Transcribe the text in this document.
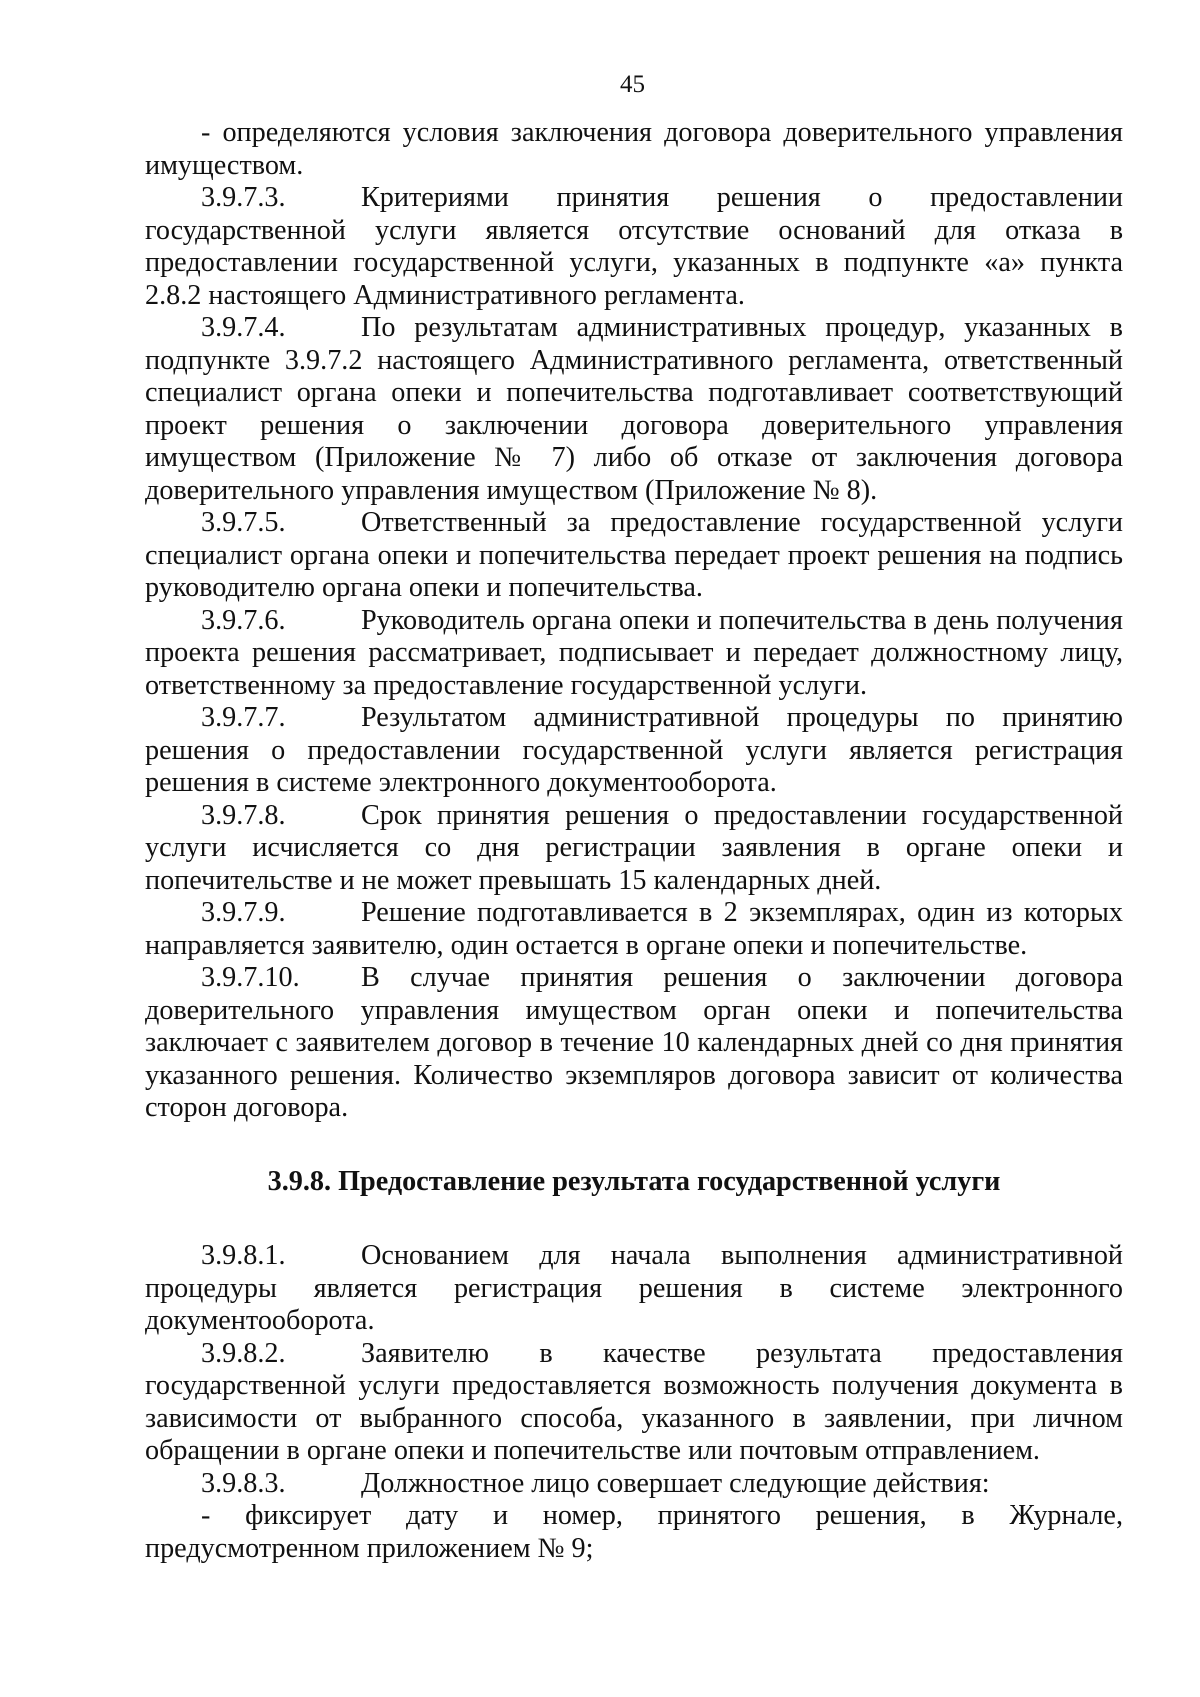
45

- определяются условия заключения договора доверительного управления имуществом.

3.9.7.3.	Критериями принятия решения о предоставлении государственной услуги является отсутствие оснований для отказа в предоставлении государственной услуги, указанных в подпункте «а» пункта 2.8.2 настоящего Административного регламента.

3.9.7.4.	По результатам административных процедур, указанных в подпункте 3.9.7.2 настоящего Административного регламента, ответственный специалист органа опеки и попечительства подготавливает соответствующий проект решения о заключении договора доверительного управления имуществом (Приложение № 7) либо об отказе от заключения договора доверительного управления имуществом (Приложение № 8).

3.9.7.5.	Ответственный за предоставление государственной услуги специалист органа опеки и попечительства передает проект решения на подпись руководителю органа опеки и попечительства.

3.9.7.6.	Руководитель органа опеки и попечительства в день получения проекта решения рассматривает, подписывает и передает должностному лицу, ответственному за предоставление государственной услуги.

3.9.7.7.	Результатом административной процедуры по принятию решения о предоставлении государственной услуги является регистрация решения в системе электронного документооборота.

3.9.7.8.	Срок принятия решения о предоставлении государственной услуги исчисляется со дня регистрации заявления в органе опеки и попечительстве и не может превышать 15 календарных дней.

3.9.7.9.	Решение подготавливается в 2 экземплярах, один из которых направляется заявителю, один остается в органе опеки и попечительстве.

3.9.7.10. В случае принятия решения о заключении договора доверительного управления имуществом орган опеки и попечительства заключает с заявителем договор в течение 10 календарных дней со дня принятия указанного решения. Количество экземпляров договора зависит от количества сторон договора.

3.9.8. Предоставление результата государственной услуги

3.9.8.1.	Основанием для начала выполнения административной процедуры является регистрация решения в системе электронного документооборота.

3.9.8.2.	Заявителю в качестве результата предоставления государственной услуги предоставляется возможность получения документа в зависимости от выбранного способа, указанного в заявлении, при личном обращении в органе опеки и попечительстве или почтовым отправлением.

3.9.8.3.	Должностное лицо совершает следующие действия:

- фиксирует дату и номер, принятого решения, в Журнале, предусмотренном приложением № 9;
